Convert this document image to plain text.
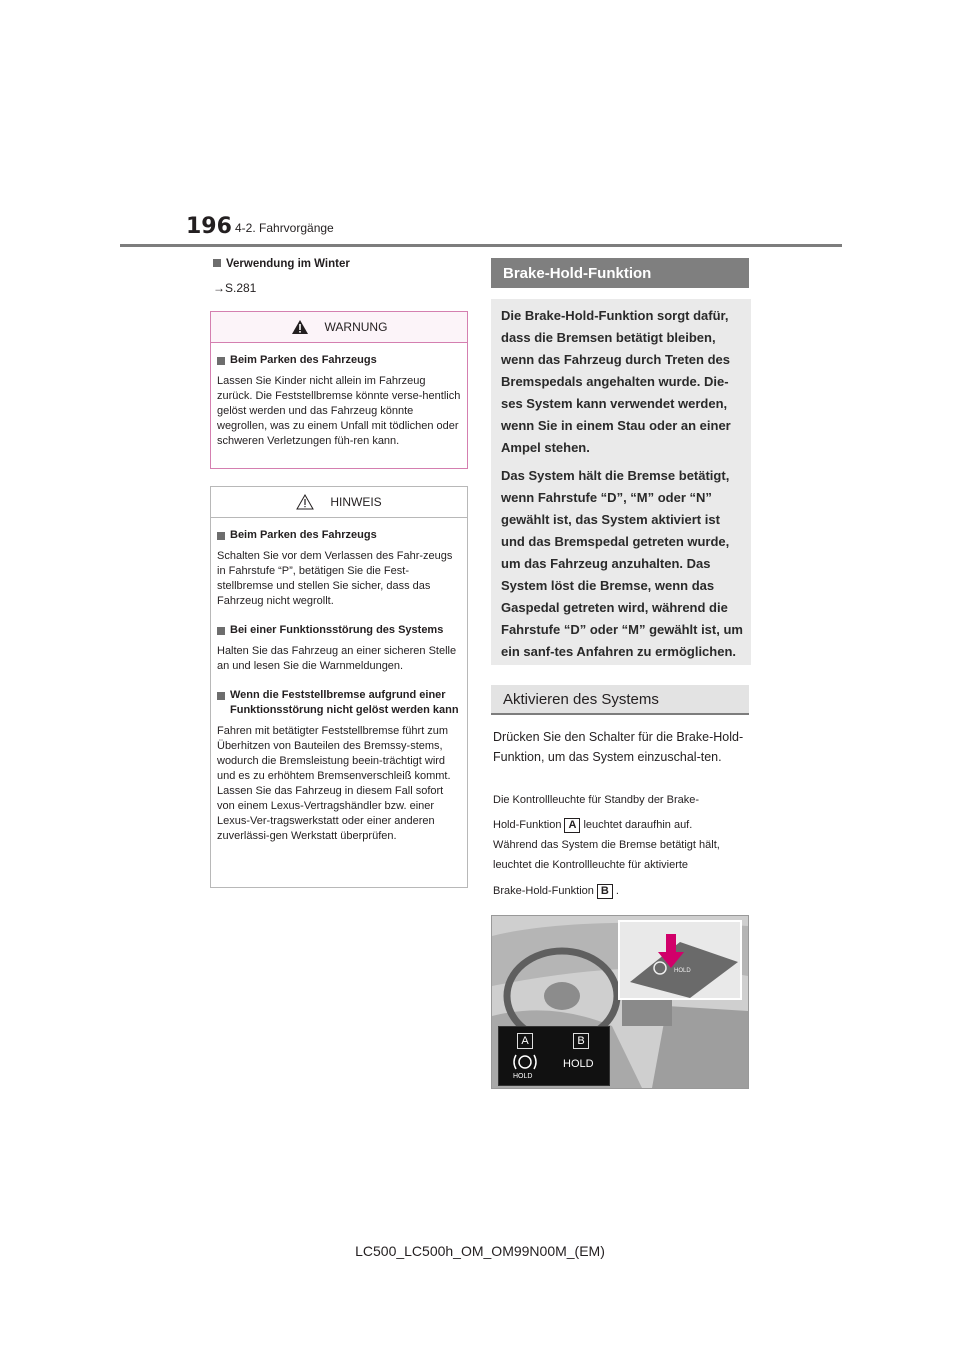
196 4-2. Fahrvorgänge
Verwendung im Winter
→S.281
WARNUNG
Beim Parken des Fahrzeugs

Lassen Sie Kinder nicht allein im Fahrzeug zurück. Die Feststellbremse könnte verse-hentlich gelöst werden und das Fahrzeug könnte wegrollen, was zu einem Unfall mit tödlichen oder schweren Verletzungen füh-ren kann.

HINWEIS
Beim Parken des Fahrzeugs

Schalten Sie vor dem Verlassen des Fahr-zeugs in Fahrstufe “P”, betätigen Sie die Fest-stellbremse und stellen Sie sicher, dass das Fahrzeug nicht wegrollt.

Bei einer Funktionsstörung des Systems

Halten Sie das Fahrzeug an einer sicheren Stelle an und lesen Sie die Warnmeldungen.

Wenn die Feststellbremse aufgrund einer Funktionsstörung nicht gelöst werden kann

Fahren mit betätigter Feststellbremse führt zum Überhitzen von Bauteilen des Bremssy-stems, wodurch die Bremsleistung beein-trächtigt wird und es zu erhöhtem Bremsenverschleiß kommt. Lassen Sie das Fahrzeug in diesem Fall sofort von einem Lexus-Vertragshändler bzw. einer Lexus-Ver-tragswerkstatt oder einer anderen zuverlässi-gen Werkstatt überprüfen.

Brake-Hold-Funktion

Die Brake-Hold-Funktion sorgt dafür, dass die Bremsen betätigt bleiben, wenn das Fahrzeug durch Treten des Bremspedals angehalten wurde. Die-ses System kann verwendet werden, wenn Sie in einem Stau oder an einer Ampel stehen.

Das System hält die Bremse betätigt, wenn Fahrstufe “D”, “M” oder “N” gewählt ist, das System aktiviert ist und das Bremspedal getreten wurde, um das Fahrzeug anzuhalten. Das System löst die Bremse, wenn das Gaspedal getreten wird, während die Fahrstufe “D” oder “M” gewählt ist, um ein sanf-tes Anfahren zu ermöglichen.

Aktivieren des Systems
Drücken Sie den Schalter für die Brake-Hold-Funktion, um das System einzuschal-ten.
Die Kontrollleuchte für Standby der Brake-
Hold-Funktion A leuchtet daraufhin auf.
Während das System die Bremse betätigt hält,
leuchtet die Kontrollleuchte für aktivierte
Brake-Hold-Funktion B .
HOLD
A	B
HOLD
HOLD
LC500_LC500h_OM_OM99N00M_(EM)
